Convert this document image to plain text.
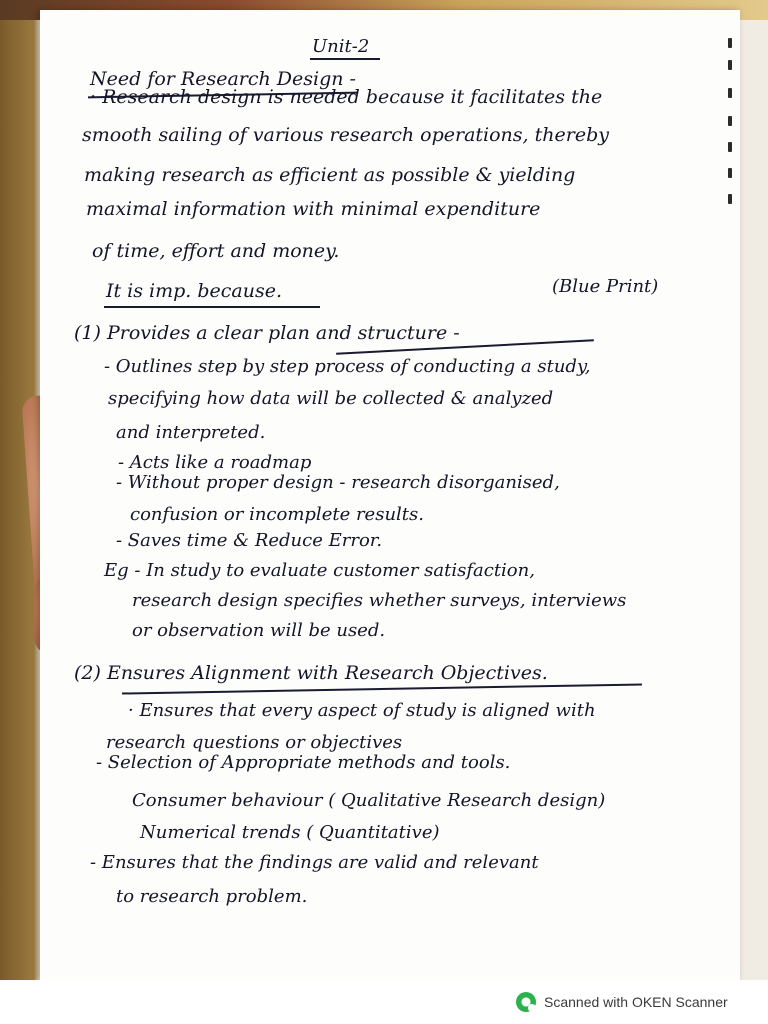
Unit-2
Need for Research Design -
· Research design is needed because it facilitates the
smooth sailing of various research operations, thereby
making research as efficient as possible & yielding
maximal information with minimal expenditure
of time, effort and money.
It is imp. because.	(Blue Print)
(1) Provides a clear plan and structure -
- Outlines step by step process of conducting a study,
specifying how data will be collected & analyzed
and interpreted.
- Acts like a roadmap
- Without proper design - research disorganised,
confusion or incomplete results.
- Saves time & Reduce Error.
Eg - In study to evaluate customer satisfaction,
research design specifies whether surveys, interviews
or observation will be used.
(2) Ensures Alignment with Research Objectives.
· Ensures that every aspect of study is aligned with
research questions or objectives
- Selection of Appropriate methods and tools.
Consumer behaviour ( Qualitative Research design)
Numerical trends ( Quantitative)
- Ensures that the findings are valid and relevant
to research problem.
Scanned with OKEN Scanner
